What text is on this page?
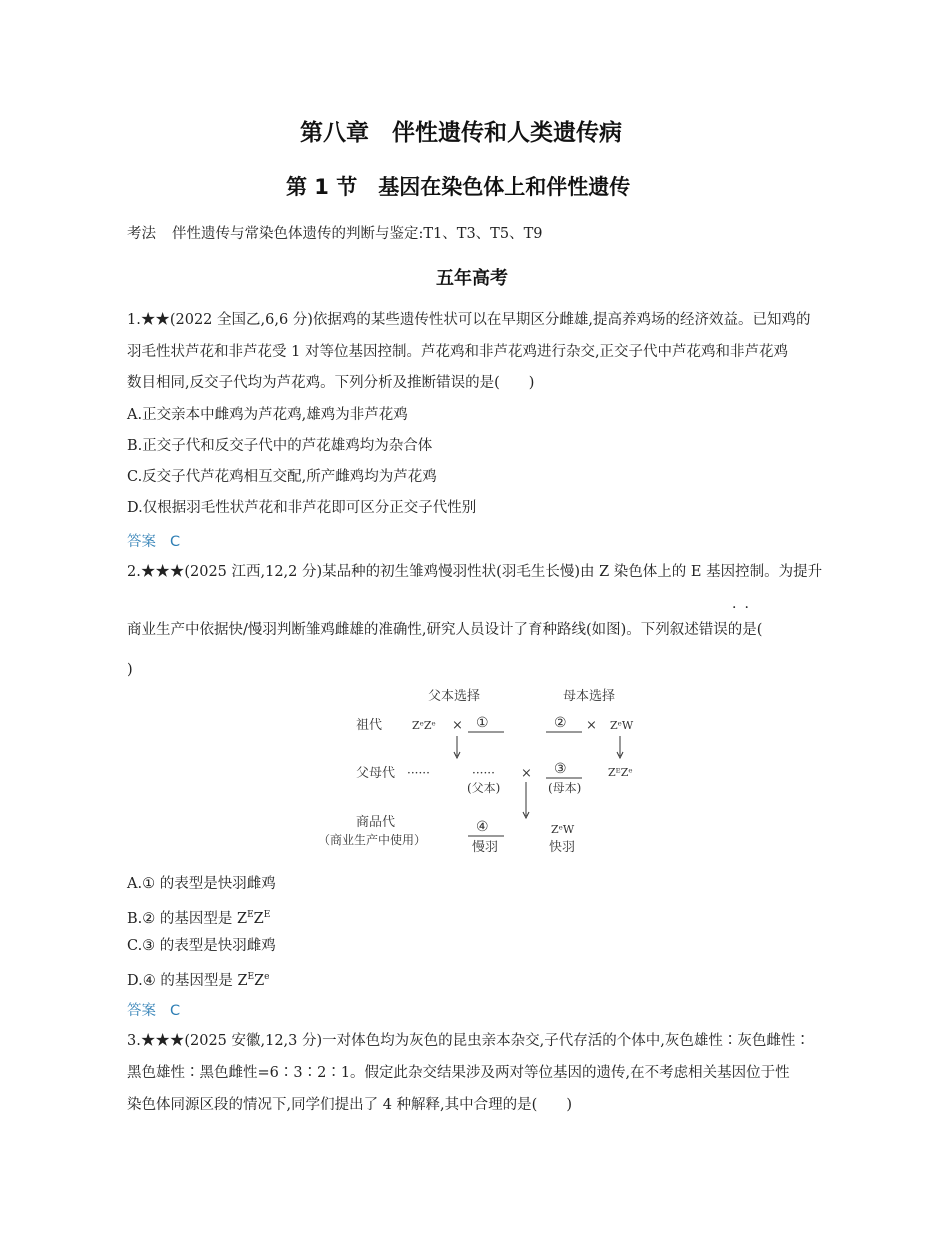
第八章　伴性遗传和人类遗传病
第 1 节　基因在染色体上和伴性遗传
考法 伴性遗传与常染色体遗传的判断与鉴定:T1、T3、T5、T9
五年高考
1.★★(2022 全国乙,6,6 分)依据鸡的某些遗传性状可以在早期区分雌雄,提高养鸡场的经济效益。已知鸡的
羽毛性状芦花和非芦花受 1 对等位基因控制。芦花鸡和非芦花鸡进行杂交,正交子代中芦花鸡和非芦花鸡
数目相同,反交子代均为芦花鸡。下列分析及推断错误的是(　　)
A.正交亲本中雌鸡为芦花鸡,雄鸡为非芦花鸡
B.正交子代和反交子代中的芦花雄鸡均为杂合体
C.反交子代芦花鸡相互交配,所产雌鸡均为芦花鸡
D.仅根据羽毛性状芦花和非芦花即可区分正交子代性别
答案 C
2.★★★(2025 江西,12,2 分)某品种的初生雏鸡慢羽性状(羽毛生长慢)由 Z 染色体上的 E 基因控制。为提升
··
商业生产中依据快/慢羽判断雏鸡雌雄的准确性,研究人员设计了育种路线(如图)。下列叙述错误的是(
)
父本选择	母本选择
祖代	ZᵉZᵉ × ①	② × ZᵉW
父母代 ······	······
(父本)
× ③
(母本)
ZᴱZᵉ
商品代
（商业生产中使用）
④
慢羽
ZᵉW
快羽
A.① 的表型是快羽雌鸡
B.② 的基因型是 $Z^EZ^E$
C.③ 的表型是快羽雌鸡
D.④ 的基因型是 $Z^EZ^e$
答案 C
3.★★★(2025 安徽,12,3 分)一对体色均为灰色的昆虫亲本杂交,子代存活的个体中,灰色雄性∶灰色雌性∶
黑色雄性∶黑色雌性=6∶3∶2∶1。假定此杂交结果涉及两对等位基因的遗传,在不考虑相关基因位于性
染色体同源区段的情况下,同学们提出了 4 种解释,其中合理的是(　　)
